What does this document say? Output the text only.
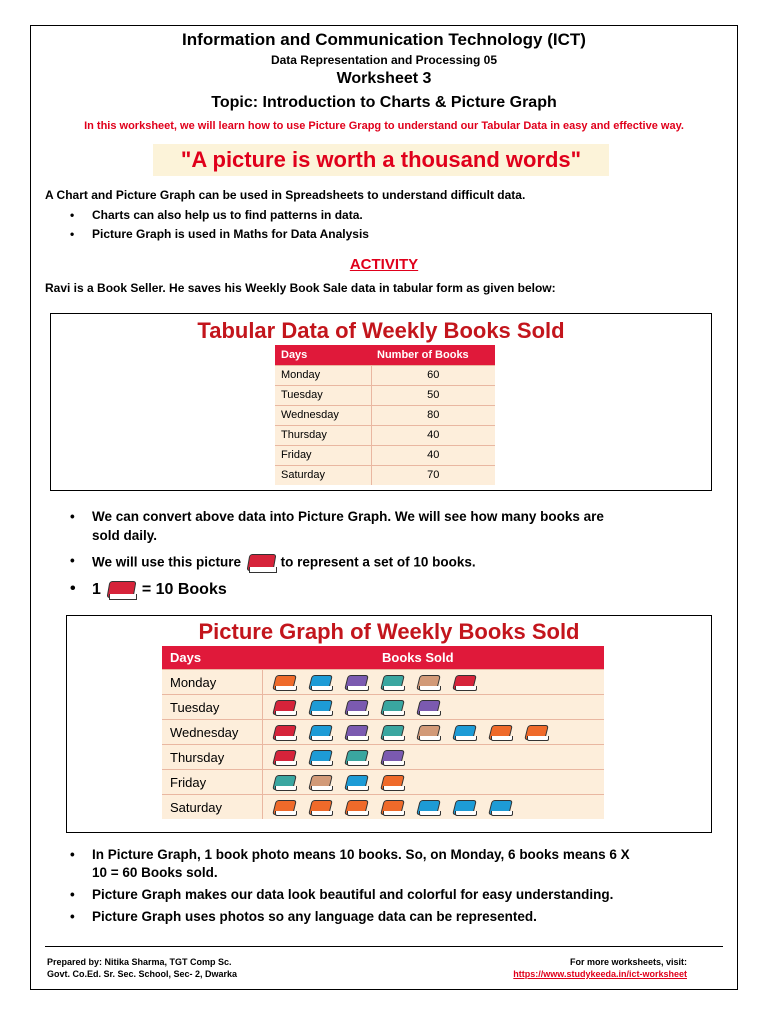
Information and Communication Technology (ICT)
Data Representation and Processing 05
Worksheet 3
Topic: Introduction to Charts & Picture Graph
In this worksheet, we will learn how to use Picture Grapg to understand our Tabular Data in easy and effective way.
"A picture is worth a thousand words"
A Chart and Picture Graph can be used in Spreadsheets to understand difficult data.
• Charts can also help us to find patterns in data.
• Picture Graph is used in Maths for Data Analysis
ACTIVITY
Ravi is a Book Seller. He saves his Weekly Book Sale data in tabular form as given below:
Tabular Data of Weekly Books Sold
Days	Number of Books
Monday	60
Tuesday	50
Wednesday	80
Thursday	40
Friday	40
Saturday	70
• We can convert above data into Picture Graph. We will see how many books are
sold daily.
• We will use this picture	to represent a set of 10 books.
• 1	= 10 Books
Picture Graph of Weekly Books Sold
Days	Books Sold
Monday
Tuesday
Wednesday
Thursday
Friday
Saturday
• In Picture Graph, 1 book photo means 10 books. So, on Monday, 6 books means 6 X
10 = 60 Books sold.
• Picture Graph makes our data look beautiful and colorful for easy understanding.
• Picture Graph uses photos so any language data can be represented.
Prepared by: Nitika Sharma, TGT Comp Sc.
Govt. Co.Ed. Sr. Sec. School, Sec- 2, Dwarka
For more worksheets, visit:
https://www.studykeeda.in/ict-worksheet
